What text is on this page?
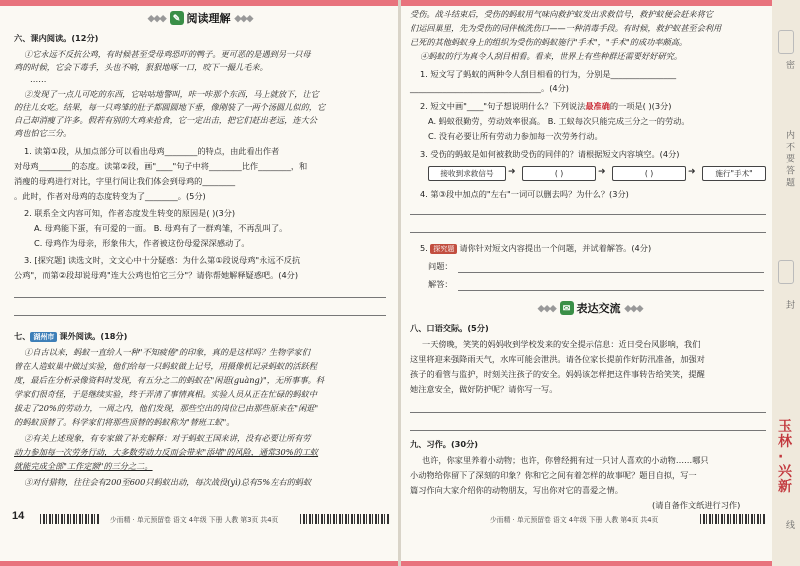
◆◆◆ ✎ 阅读理解 ◆◆◆
六、课内阅读。(12分)
①它永远不反抗公鸡，有时候甚至受母鸡恐吓的鸭子。更可恶的是遇到另一只母
鸡的时候，它会下毒手，头也不响，狠狠地啄一口，咬下一撮儿毛来。
……
②发现了一点儿可吃的东西，它咕咕地警叫，咔一咔那个东西，马上就放下，让它
的往儿女吃。结果，每一只鸡雏的肚子都圆圆地下垂，像刚装了一两个汤圆儿似的，它
自己却消瘦了许多。假若有别的大鸡来抢食，它一定出击，把它们赶出老远，连大公
鸡也怕它三分。
1. 读第①段，从加点部分可以看出母鸡________的特点，由此看出作者
对母鸡________的态度。读第②段，画"____"句子中将________比作________，和
消瘦的母鸡进行对比，字里行间让我们体会到母鸡的________
。此时，作者对母鸡的态度转变为了________。(5分)
2. 联系全文内容可知，作者态度发生转变的原因是( )(3分)
A. 母鸡能下蛋，有可爱的一面。 B. 母鸡有了一群鸡雏，不再乱叫了。
C. 母鸡作为母亲，形象伟大，作者被这份母爱深深感动了。
3. [探究题] 读选文时，文文心中十分疑惑：为什么第①段说母鸡"永远不反抗
公鸡"，而第②段却说母鸡"连大公鸡也怕它三分"？请你帮她解释疑惑吧。(4分)
七、 湖州市 课外阅读。(18分)
①自古以来，蚂蚁一直给人一种"不知疲倦"的印象，真的是这样吗？生物学家们
曾在人造蚁巢中做过实验，他们给每一只蚂蚁做上记号，用摄像机记录蚂蚁的活跃程
度，最后在分析录像资料时发现，有五分之二的蚂蚁在"闲逛(guàng)"，无所事事。科
学家们很奇怪，于是继续实验，终于弄清了事情真相。实验人员从正在忙碌的蚂蚁中
拔走了20%的劳动力，一周之内，他们发现，那些空出的岗位已由那些原来在"闲逛"
的蚂蚁顶替了。科学家们将那些顶替的蚂蚁称为"替班工蚁"。
②有关上述现象，有专家做了补充解释：对于蚂蚁王国来讲，没有必要让所有劳
动力参加每一次劳务行动，大多数劳动力反而会带来"添堵"的风险，通常30%的工蚁
就能完成全部"工作定额"的三分之二。
③对付猎物，往往会有200至600只蚂蚁出动，每次战役(yì)总有5%左右的蚂蚁
14	少而精 · 单元预留卷 语文 4年级 下册 人教 第3页 共4页
受伤。战斗结束后，受伤的蚂蚁用气味向救护蚁发出求救信号，救护蚁便会赶来将它
们运回巢里，先为受伤的同伴梳洗伤口——一种消毒手段。有时候，救护蚁甚至会利用
已死的其他蚂蚁身上的组织为受伤的蚂蚁施行"手术"，"手术"的成功率颇高。
④蚂蚁的行为真令人刮目相看。看来，世界上有些种群还需要好好研究。
1. 短文写了蚂蚁的两种令人刮目相看的行为，分别是________________
________________________________。(4分)
2. 短文中画"____"句子想说明什么？下列说法最准确的一项是( )(3分)
A. 蚂蚁很勤劳，劳动效率很高。 B. 工蚁每次只能完成三分之一的劳动。
C. 没有必要让所有劳动力参加每一次劳务行动。
3. 受伤的蚂蚁是如何被救助受伤的同伴的？请根据短文内容填空。(4分)
接收到求救信号	➜	( )	➜	( )	➜	施行"手术"
4. 第③段中加点的"左右"一词可以删去吗？为什么？(3分)
5. 探究题 请你针对短文内容提出一个问题，并试着解答。(4分)
问题：
解答：
◆◆◆ ✉ 表达交流 ◆◆◆
八、口语交际。(5分)
一天傍晚，笑笑的妈妈收到学校发来的安全提示信息：近日受台风影响，我们
这里将迎来强降雨天气，水库可能会泄洪。请各位家长提前作好防汛准备，加强对
孩子的看管与监护，时刻关注孩子的安全。妈妈该怎样把这件事转告给笑笑，提醒
她注意安全，做好防护呢？请你写一写。
九、习作。(30分)
也许，你家里养着小动物；也许，你曾经拥有过一只讨人喜欢的小动物……哪只
小动物给你留下了深刻的印象？你和它之间有着怎样的故事呢？题目自拟，写一
篇习作向大家介绍你的动物朋友，写出你对它的喜爱之情。
(请自备作文纸进行习作)
少而精 · 单元预留卷 语文 4年级 下册 人教 第4页 共4页
密
内 不 要 答 题
封
玉林·兴新
线
